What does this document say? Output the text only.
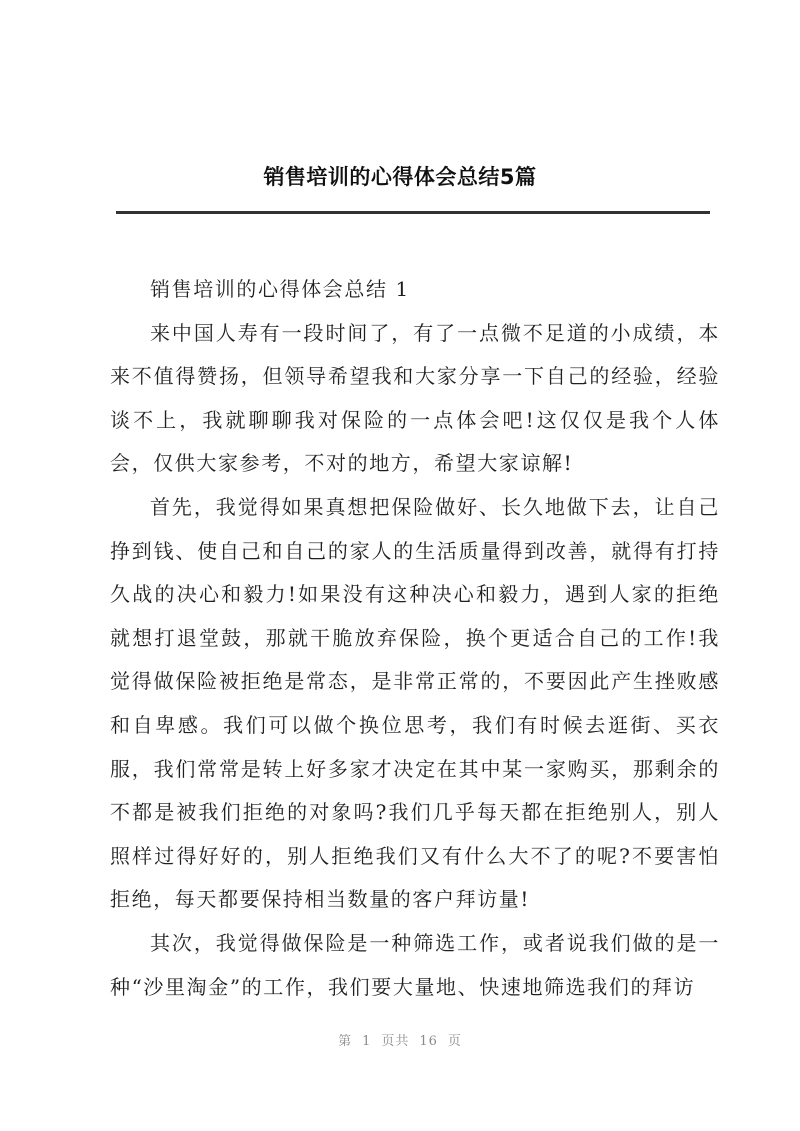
销售培训的心得体会总结5篇

销售培训的心得体会总结 1

来中国人寿有一段时间了，有了一点微不足道的小成绩，本来不值得赞扬，但领导希望我和大家分享一下自己的经验，经验谈不上，我就聊聊我对保险的一点体会吧!这仅仅是我个人体会，仅供大家参考，不对的地方，希望大家谅解!

首先，我觉得如果真想把保险做好、长久地做下去，让自己挣到钱、使自己和自己的家人的生活质量得到改善，就得有打持久战的决心和毅力!如果没有这种决心和毅力，遇到人家的拒绝就想打退堂鼓，那就干脆放弃保险，换个更适合自己的工作!我觉得做保险被拒绝是常态，是非常正常的，不要因此产生挫败感和自卑感。我们可以做个换位思考，我们有时候去逛街、买衣服，我们常常是转上好多家才决定在其中某一家购买，那剩余的不都是被我们拒绝的对象吗?我们几乎每天都在拒绝别人，别人照样过得好好的，别人拒绝我们又有什么大不了的呢?不要害怕拒绝，每天都要保持相当数量的客户拜访量!

其次，我觉得做保险是一种筛选工作，或者说我们做的是一种“沙里淘金”的工作，我们要大量地、快速地筛选我们的拜访

第 1 页共 16 页
